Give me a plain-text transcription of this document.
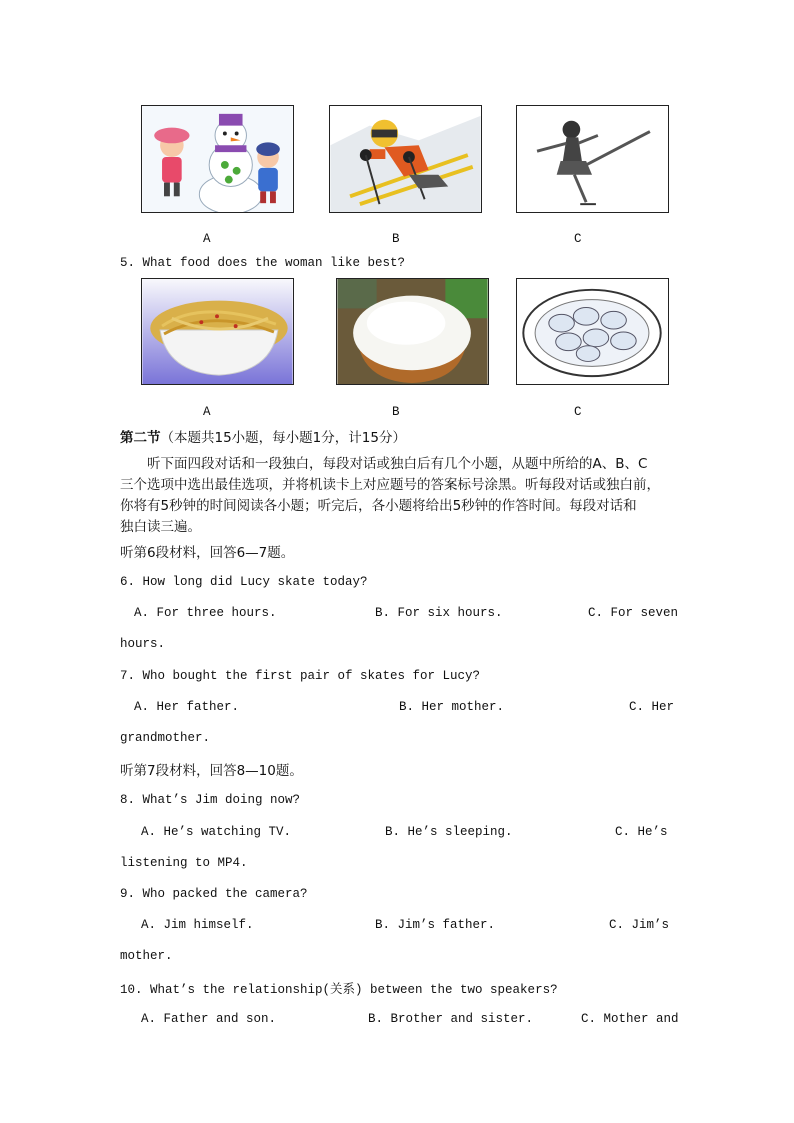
A	B	C
5. What food does the woman like best?
A	B	C
第二节（本题共15小题，每小题1分，计15分）
听下面四段对话和一段独白，每段对话或独白后有几个小题，从题中所给的A、B、C
三个选项中选出最佳选项，并将机读卡上对应题号的答案标号涂黑。听每段对话或独白前，
你将有5秒钟的时间阅读各小题；听完后，各小题将给出5秒钟的作答时间。每段对话和
独白读三遍。
听第6段材料，回答6—7题。
6. How long did Lucy skate today?
A. For three hours.	B. For six hours.	C. For seven
hours.
7. Who bought the first pair of skates for Lucy?
A. Her father.	B. Her mother.	C. Her
grandmother.
听第7段材料，回答8—10题。
8. What’s Jim doing now?
A. He’s watching TV.	B. He’s sleeping.	C. He’s
listening to MP4.
9. Who packed the camera?
A. Jim himself.	B. Jim’s father.	C. Jim’s
mother.
10. What’s the relationship(关系) between the two speakers?
A. Father and son.	B. Brother and sister.	C. Mother and
